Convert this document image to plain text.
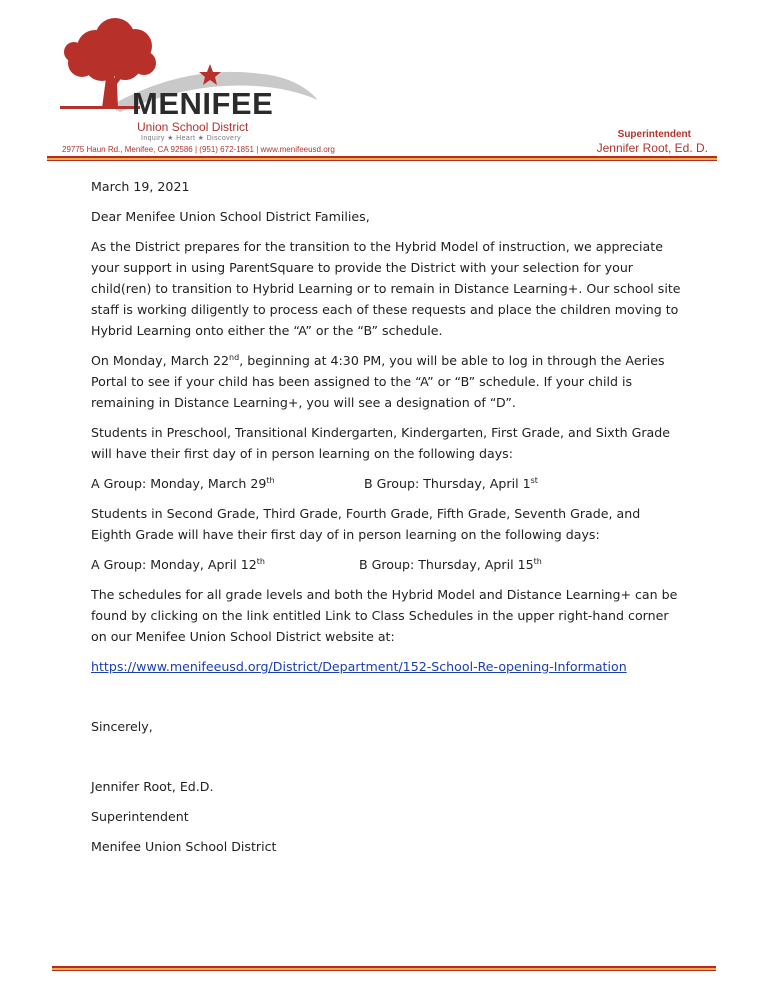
MENIFEE
Union School District
Inquiry ★ Heart ★ Discovery
29775 Haun Rd., Menifee, CA 92586 | (951) 672-1851 | www.menifeeusd.org
Superintendent
Jennifer Root, Ed. D.

March 19, 2021

Dear Menifee Union School District Families,

As the District prepares for the transition to the Hybrid Model of instruction, we appreciate your support in using ParentSquare to provide the District with your selection for your child(ren) to transition to Hybrid Learning or to remain in Distance Learning+. Our school site staff is working diligently to process each of these requests and place the children moving to Hybrid Learning onto either the “A” or the “B” schedule.

On Monday, March 22nd, beginning at 4:30 PM, you will be able to log in through the Aeries Portal to see if your child has been assigned to the “A” or “B” schedule. If your child is remaining in Distance Learning+, you will see a designation of “D”.

Students in Preschool, Transitional Kindergarten, Kindergarten, First Grade, and Sixth Grade will have their first day of in person learning on the following days:

A Group: Monday, March 29th	B Group: Thursday, April 1st

Students in Second Grade, Third Grade, Fourth Grade, Fifth Grade, Seventh Grade, and Eighth Grade will have their first day of in person learning on the following days:

A Group: Monday, April 12th	B Group: Thursday, April 15th

The schedules for all grade levels and both the Hybrid Model and Distance Learning+ can be found by clicking on the link entitled Link to Class Schedules in the upper right-hand corner on our Menifee Union School District website at:

https://www.menifeeusd.org/District/Department/152-School-Re-opening-Information

Sincerely,

Jennifer Root, Ed.D.

Superintendent

Menifee Union School District
